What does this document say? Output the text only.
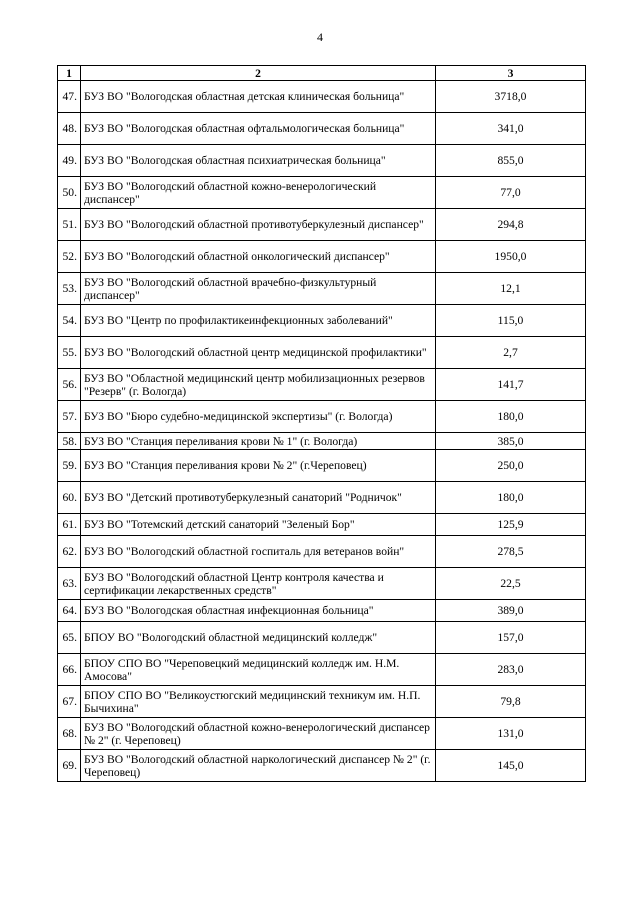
4
1	2	3
47.	БУЗ ВО "Вологодская областная детская клиническая больница"	3718,0
48.	БУЗ ВО "Вологодская областная офтальмологическая больница"	341,0
49.	БУЗ ВО "Вологодская областная психиатрическая больница"	855,0
50.	БУЗ ВО "Вологодский областной кожно-венерологический диспансер"	77,0
51.	БУЗ ВО "Вологодский областной противотуберкулезный диспансер"	294,8
52.	БУЗ ВО "Вологодский областной онкологический диспансер"	1950,0
53.	БУЗ ВО "Вологодский областной врачебно-физкультурный диспансер"	12,1
54.	БУЗ ВО "Центр по профилактикеинфекционных заболеваний"	115,0
55.	БУЗ ВО "Вологодский областной центр медицинской профилактики"	2,7
56.	БУЗ ВО "Областной медицинский центр мобилизационных резервов "Резерв" (г. Вологда)	141,7
57.	БУЗ ВО "Бюро судебно-медицинской экспертизы" (г. Вологда)	180,0
58.	БУЗ ВО "Станция переливания крови № 1" (г. Вологда)	385,0
59.	БУЗ ВО "Станция переливания крови № 2" (г.Череповец)	250,0
60.	БУЗ ВО "Детский противотуберкулезный санаторий "Родничок"	180,0
61.	БУЗ ВО "Тотемский детский санаторий "Зеленый Бор"	125,9
62.	БУЗ ВО "Вологодский областной госпиталь для ветеранов войн"	278,5
63.	БУЗ ВО "Вологодский областной Центр контроля качества и сертификации лекарственных средств"	22,5
64.	БУЗ ВО "Вологодская областная инфекционная больница"	389,0
65.	БПОУ ВО "Вологодский областной медицинский колледж"	157,0
66.	БПОУ СПО ВО "Череповецкий медицинский колледж им. Н.М. Амосова"	283,0
67.	БПОУ СПО ВО "Великоустюгский медицинский техникум им. Н.П. Бычихина"	79,8
68.	БУЗ ВО "Вологодский областной кожно-венерологический диспансер № 2" (г. Череповец)	131,0
69.	БУЗ ВО "Вологодский областной наркологический диспансер № 2" (г. Череповец)	145,0
